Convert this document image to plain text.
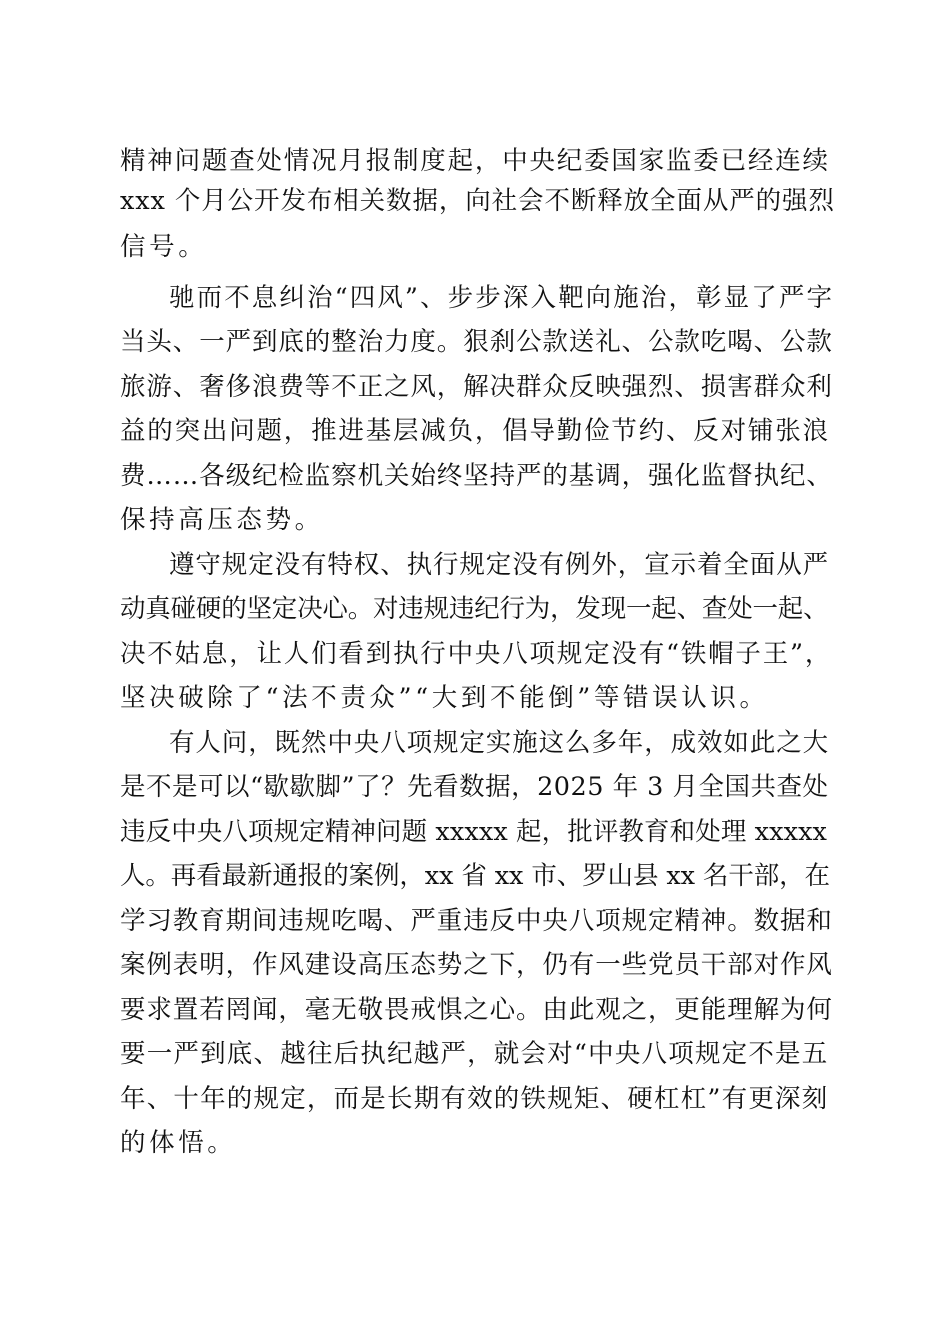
精神问题查处情况月报制度起，中央纪委国家监委已经连续
xxx 个月公开发布相关数据，向社会不断释放全面从严的强烈
信号。
驰而不息纠治“四风”、步步深入靶向施治，彰显了严字
当头、一严到底的整治力度。狠刹公款送礼、公款吃喝、公款
旅游、奢侈浪费等不正之风，解决群众反映强烈、损害群众利
益的突出问题，推进基层减负，倡导勤俭节约、反对铺张浪
费……各级纪检监察机关始终坚持严的基调，强化监督执纪、
保持高压态势。
遵守规定没有特权、执行规定没有例外，宣示着全面从严
动真碰硬的坚定决心。对违规违纪行为，发现一起、查处一起、
决不姑息，让人们看到执行中央八项规定没有“铁帽子王”，
坚决破除了“法不责众”“大到不能倒”等错误认识。
有人问，既然中央八项规定实施这么多年，成效如此之大
是不是可以“歇歇脚”了？先看数据，2025 年 3 月全国共查处
违反中央八项规定精神问题 xxxxx 起，批评教育和处理 xxxxx
人。再看最新通报的案例，xx 省 xx 市、罗山县 xx 名干部，在
学习教育期间违规吃喝、严重违反中央八项规定精神。数据和
案例表明，作风建设高压态势之下，仍有一些党员干部对作风
要求置若罔闻，毫无敬畏戒惧之心。由此观之，更能理解为何
要一严到底、越往后执纪越严，就会对“中央八项规定不是五
年、十年的规定，而是长期有效的铁规矩、硬杠杠”有更深刻
的体悟。
